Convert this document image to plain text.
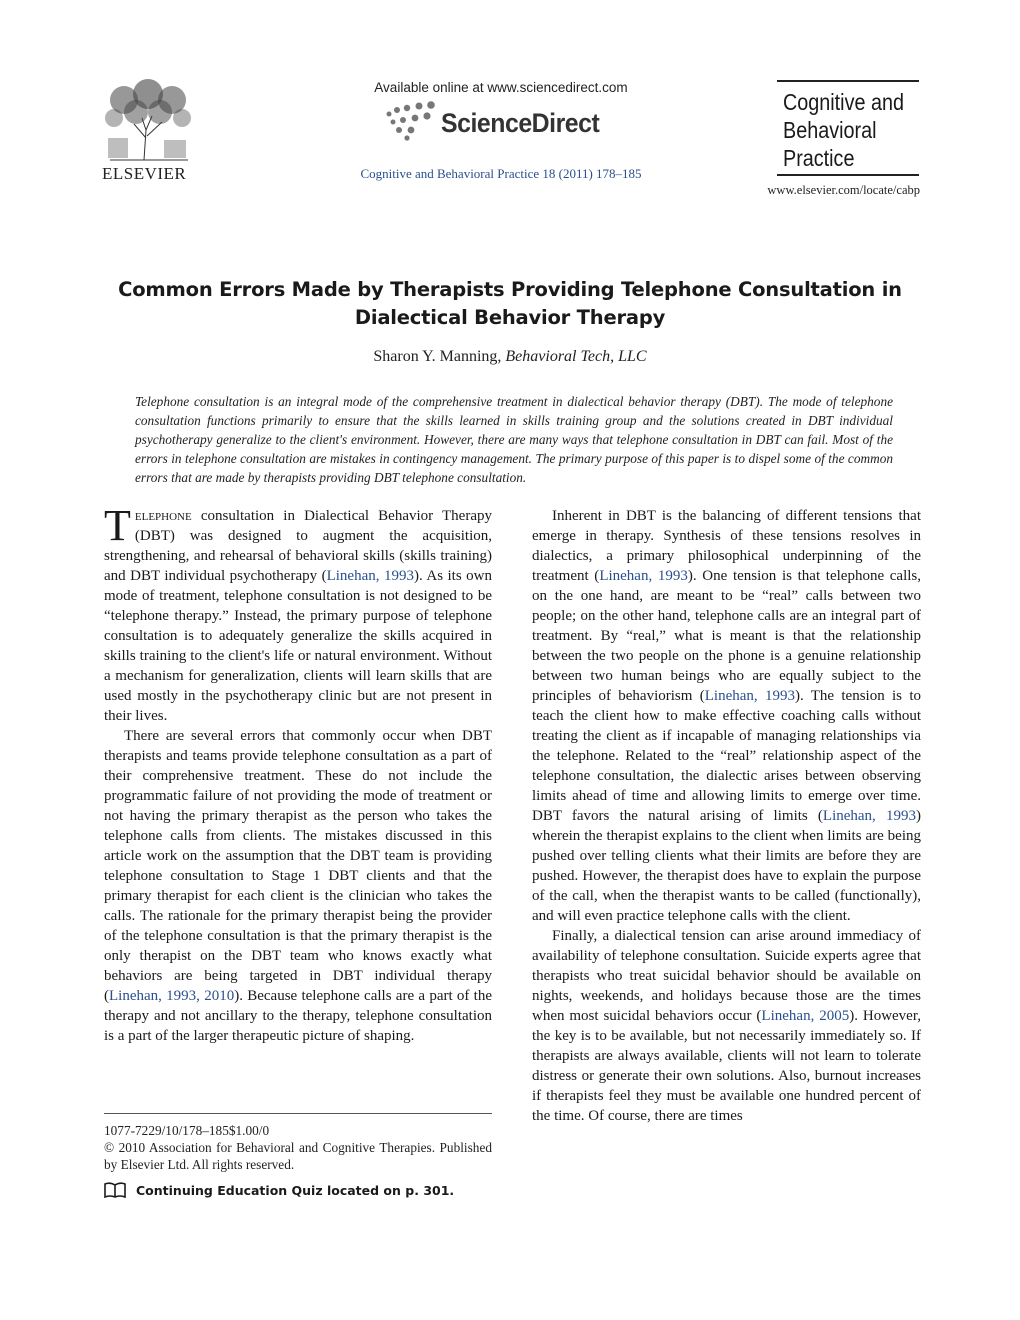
ELSEVIER
Available online at www.sciencedirect.com
ScienceDirect
Cognitive and Behavioral Practice 18 (2011) 178–185
Cognitive and
Behavioral
Practice
www.elsevier.com/locate/cabp
Common Errors Made by Therapists Providing Telephone Consultation in
Dialectical Behavior Therapy
Sharon Y. Manning, Behavioral Tech, LLC
Telephone consultation is an integral mode of the comprehensive treatment in dialectical behavior therapy (DBT). The mode of telephone consultation functions primarily to ensure that the skills learned in skills training group and the solutions created in DBT individual psychotherapy generalize to the client's environment. However, there are many ways that telephone consultation in DBT can fail. Most of the errors in telephone consultation are mistakes in contingency management. The primary purpose of this paper is to dispel some of the common errors that are made by therapists providing DBT telephone consultation.

Telephone consultation in Dialectical Behavior Therapy (DBT) was designed to augment the acquisition, strengthening, and rehearsal of behavioral skills (skills training) and DBT individual psychotherapy (Linehan, 1993). As its own mode of treatment, telephone consultation is not designed to be “telephone therapy.” Instead, the primary purpose of telephone consultation is to adequately generalize the skills acquired in skills training to the client's life or natural environment. Without a mechanism for generalization, clients will learn skills that are used mostly in the psychotherapy clinic but are not present in their lives.

There are several errors that commonly occur when DBT therapists and teams provide telephone consultation as a part of their comprehensive treatment. These do not include the programmatic failure of not providing the mode of treatment or not having the primary therapist as the person who takes the telephone calls from clients. The mistakes discussed in this article work on the assumption that the DBT team is providing telephone consultation to Stage 1 DBT clients and that the primary therapist for each client is the clinician who takes the calls. The rationale for the primary therapist being the provider of the telephone consultation is that the primary therapist is the only therapist on the DBT team who knows exactly what behaviors are being targeted in DBT individual therapy (Linehan, 1993, 2010). Because telephone calls are a part of the therapy and not ancillary to the therapy, telephone consultation is a part of the larger therapeutic picture of shaping.

Inherent in DBT is the balancing of different tensions that emerge in therapy. Synthesis of these tensions resolves in dialectics, a primary philosophical underpinning of the treatment (Linehan, 1993). One tension is that telephone calls, on the one hand, are meant to be “real” calls between two people; on the other hand, telephone calls are an integral part of treatment. By “real,” what is meant is that the relationship between the two people on the phone is a genuine relationship between two human beings who are equally subject to the principles of behaviorism (Linehan, 1993). The tension is to teach the client how to make effective coaching calls without treating the client as if incapable of managing relationships via the telephone. Related to the “real” relationship aspect of the telephone consultation, the dialectic arises between observing limits ahead of time and allowing limits to emerge over time. DBT favors the natural arising of limits (Linehan, 1993) wherein the therapist explains to the client when limits are being pushed over telling clients what their limits are before they are pushed. However, the therapist does have to explain the purpose of the call, when the therapist wants to be called (functionally), and will even practice telephone calls with the client.

Finally, a dialectical tension can arise around immediacy of availability of telephone consultation. Suicide experts agree that therapists who treat suicidal behavior should be available on nights, weekends, and holidays because those are the times when most suicidal behaviors occur (Linehan, 2005). However, the key is to be available, but not necessarily immediately so. If therapists are always available, clients will not learn to tolerate distress or generate their own solutions. Also, burnout increases if therapists feel they must be available one hundred percent of the time. Of course, there are times

1077-7229/10/178–185$1.00/0
© 2010 Association for Behavioral and Cognitive Therapies. Published by Elsevier Ltd. All rights reserved.
Continuing Education Quiz located on p. 301.
